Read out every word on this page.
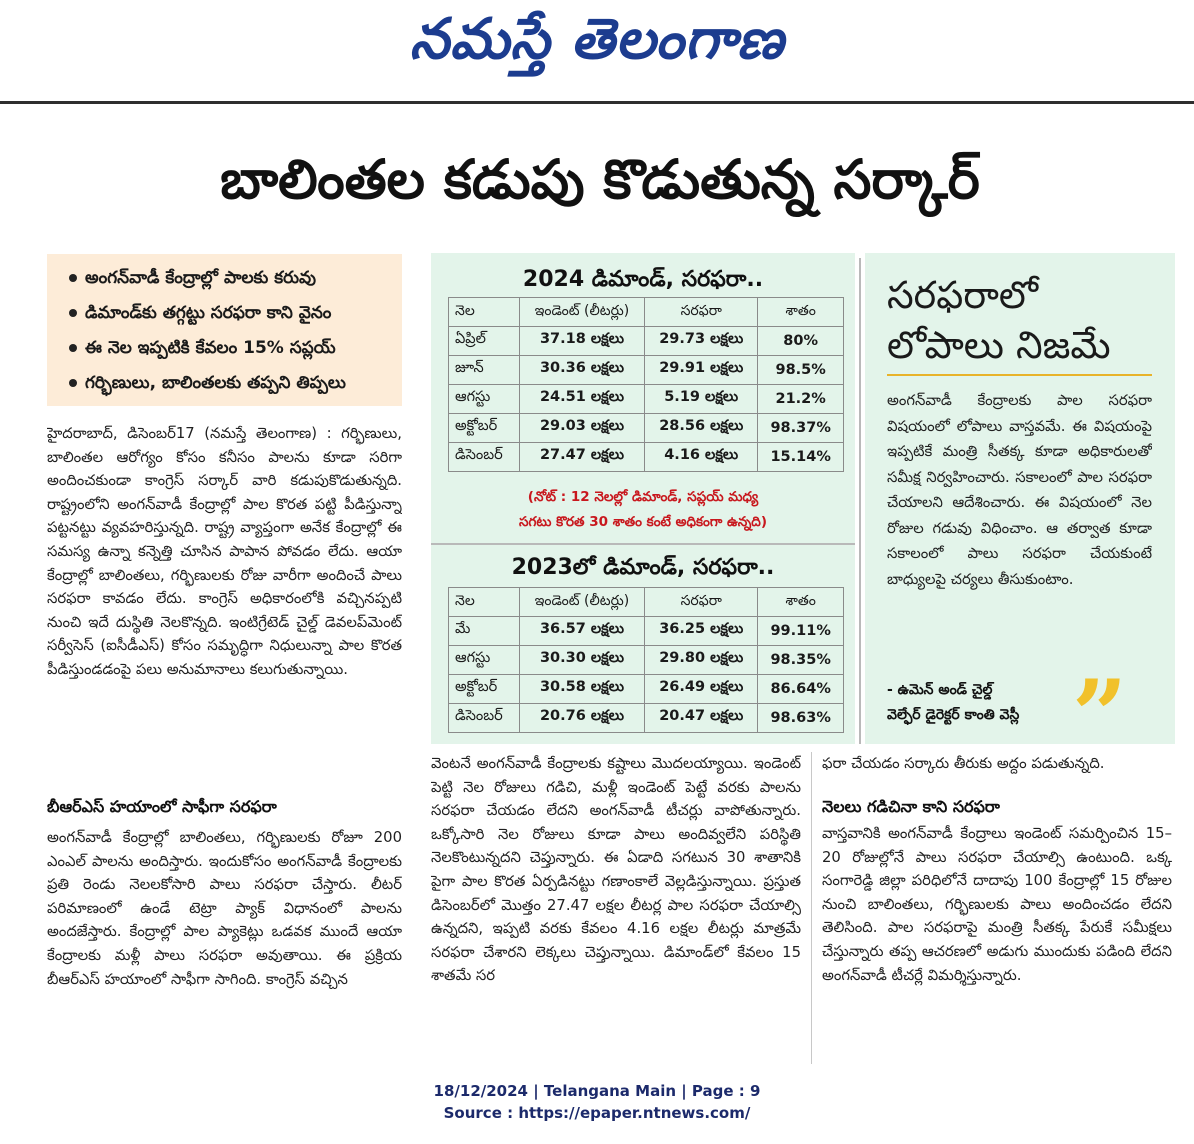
నమస్తే తెలంగాణ
బాలింతల కడుపు కొడుతున్న సర్కార్
అంగన్‌వాడీ కేంద్రాల్లో పాలకు కరువు
డిమాండ్‌కు తగ్గట్టు సరఫరా కాని వైనం
ఈ నెల ఇప్పటికి కేవలం 15% సప్లయ్‌
గర్భిణులు, బాలింతలకు తప్పని తిప్పలు

హైదరాబాద్‌, డిసెంబర్‌17 (నమస్తే తెలంగాణ) : గర్భిణులు, బాలింతల ఆరోగ్యం కోసం కనీసం పాలను కూడా సరిగా అందించకుండా కాంగ్రెస్‌ సర్కార్‌ వారి కడుపుకొడుతున్నది. రాష్ట్రంలోని అంగన్‌వాడీ కేంద్రాల్లో పాల కొరత పట్టి పీడిస్తున్నా పట్టనట్టు వ్యవహరిస్తున్నది. రాష్ట్ర వ్యాప్తంగా అనేక కేంద్రాల్లో ఈ సమస్య ఉన్నా కన్నెత్తి చూసిన పాపాన పోవడం లేదు. ఆయా కేంద్రాల్లో బాలింతలు, గర్భిణులకు రోజు వారీగా అందించే పాలు సరఫరా కావడం లేదు. కాంగ్రెస్‌ అధికారంలోకి వచ్చినప్పటి నుంచి ఇదే దుస్థితి నెలకొన్నది. ఇంటిగ్రేటెడ్‌ చైల్డ్‌ డెవలప్‌మెంట్‌ సర్వీసెస్‌ (ఐసీడీఎస్‌) కోసం సమృద్ధిగా నిధులున్నా పాల కొరత పీడిస్తుండడంపై పలు అనుమానాలు కలుగుతున్నాయి.

బీఆర్‌ఎస్‌ హయాంలో సాఫీగా సరఫరా

అంగన్‌వాడీ కేంద్రాల్లో బాలింతలు, గర్భిణులకు రోజూ 200 ఎంఎల్‌ పాలను అందిస్తారు. ఇందుకోసం అంగన్‌వాడీ కేంద్రాలకు ప్రతి రెండు నెలలకోసారి పాలు సరఫరా చేస్తారు. లీటర్‌ పరిమాణంలో ఉండే టెట్రా ప్యాక్‌ విధానంలో పాలను అందజేస్తారు. కేంద్రాల్లో పాల ప్యాకెట్లు ఒడవక ముందే ఆయా కేంద్రాలకు మళ్లీ పాలు సరఫరా అవుతాయి. ఈ ప్రక్రియ బీఆర్‌ఎస్‌ హయాంలో సాఫీగా సాగింది. కాంగ్రెస్‌ వచ్చిన

2024 డిమాండ్‌, సరఫరా..
నెల	ఇండెంట్‌ (లీటర్లు)	సరఫరా	శాతం
ఏప్రిల్‌	37.18 లక్షలు	29.73 లక్షలు	80%
జూన్‌	30.36 లక్షలు	29.91 లక్షలు	98.5%
ఆగస్టు	24.51 లక్షలు	5.19 లక్షలు	21.2%
అక్టోబర్‌	29.03 లక్షలు	28.56 లక్షలు	98.37%
డిసెంబర్‌	27.47 లక్షలు	4.16 లక్షలు	15.14%
(నోట్‌ : 12 నెలల్లో డిమాండ్‌, సప్లయ్‌ మధ్య
సగటు కొరత 30 శాతం కంటే అధికంగా ఉన్నది)
2023లో డిమాండ్‌, సరఫరా..
నెల	ఇండెంట్‌ (లీటర్లు)	సరఫరా	శాతం
మే	36.57 లక్షలు	36.25 లక్షలు	99.11%
ఆగస్టు	30.30 లక్షలు	29.80 లక్షలు	98.35%
అక్టోబర్‌	30.58 లక్షలు	26.49 లక్షలు	86.64%
డిసెంబర్‌	20.76 లక్షలు	20.47 లక్షలు	98.63%
సరఫరాలో
లోపాలు నిజమే

అంగన్‌వాడీ కేంద్రాలకు పాల సరఫరా విషయంలో లోపాలు వాస్తవమే. ఈ విషయంపై ఇప్పటికే మంత్రి సీతక్క కూడా అధికారులతో సమీక్ష నిర్వహించారు. సకాలంలో పాల సరఫరా చేయాలని ఆదేశించారు. ఈ విషయంలో నెల రోజుల గడువు విధించాం. ఆ తర్వాత కూడా సకాలంలో పాలు సరఫరా చేయకుంటే బాధ్యులపై చర్యలు తీసుకుంటాం.

- ఉమెన్‌ అండ్‌ చైల్డ్‌
వెల్ఫేర్‌ డైరెక్టర్‌ కాంతి వెస్లీ ”

వెంటనే అంగన్‌వాడీ కేంద్రాలకు కష్టాలు మొదలయ్యాయి. ఇండెంట్‌ పెట్టి నెల రోజులు గడిచి, మళ్లీ ఇండెంట్‌ పెట్టే వరకు పాలను సరఫరా చేయడం లేదని అంగన్‌వాడీ టీచర్లు వాపోతున్నారు. ఒక్కోసారి నెల రోజులు కూడా పాలు అందివ్వలేని పరిస్థితి నెలకొంటున్నదని చెప్తున్నారు. ఈ ఏడాది సగటున 30 శాతానికి పైగా పాల కొరత ఏర్పడినట్టు గణాంకాలే వెల్లడిస్తున్నాయి. ప్రస్తుత డిసెంబర్‌లో మొత్తం 27.47 లక్షల లీటర్ల పాల సరఫరా చేయాల్సి ఉన్నదని, ఇప్పటి వరకు కేవలం 4.16 లక్షల లీటర్లు మాత్రమే సరఫరా చేశారని లెక్కలు చెప్తున్నాయి. డిమాండ్‌లో కేవలం 15 శాతమే సర

ఫరా చేయడం సర్కారు తీరుకు అద్దం పడుతున్నది.

నెలలు గడిచినా కాని సరఫరా

వాస్తవానికి అంగన్‌వాడీ కేంద్రాలు ఇండెంట్‌ సమర్పించిన 15– 20 రోజుల్లోనే పాలు సరఫరా చేయాల్సి ఉంటుంది. ఒక్క సంగారెడ్డి జిల్లా పరిధిలోనే దాదాపు 100 కేంద్రాల్లో 15 రోజుల నుంచి బాలింతలు, గర్భిణులకు పాలు అందించడం లేదని తెలిసింది. పాల సరఫరాపై మంత్రి సీతక్క పేరుకే సమీక్షలు చేస్తున్నారు తప్ప ఆచరణలో అడుగు ముందుకు పడింది లేదని అంగన్‌వాడీ టీచర్లే విమర్శిస్తున్నారు.

18/12/2024 | Telangana Main | Page : 9
Source : https://epaper.ntnews.com/
